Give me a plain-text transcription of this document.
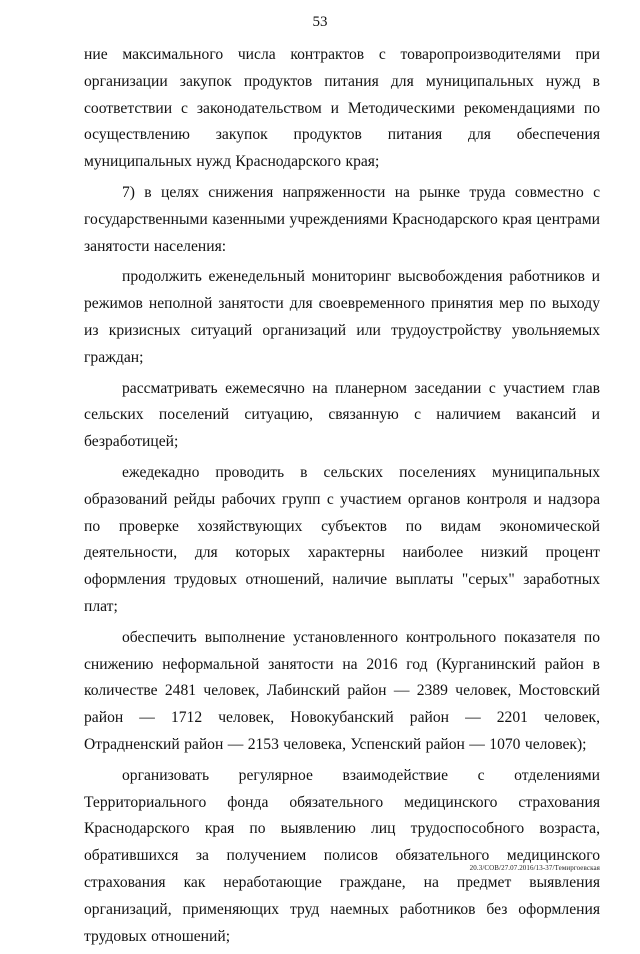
53

ние максимального числа контрактов с товаропроизводителями при организации закупок продуктов питания для муниципальных нужд в соответствии с законодательством и Методическими рекомендациями по осуществлению закупок продуктов питания для обеспечения муниципальных нужд Краснодарского края;

7) в целях снижения напряженности на рынке труда совместно с государственными казенными учреждениями Краснодарского края центрами занятости населения:

продолжить еженедельный мониторинг высвобождения работников и режимов неполной занятости для своевременного принятия мер по выходу из кризисных ситуаций организаций или трудоустройству увольняемых граждан;

рассматривать ежемесячно на планерном заседании с участием глав сельских поселений ситуацию, связанную с наличием вакансий и безработицей;

ежедекадно проводить в сельских поселениях муниципальных образований рейды рабочих групп с участием органов контроля и надзора по проверке хозяйствующих субъектов по видам экономической деятельности, для которых характерны наиболее низкий процент оформления трудовых отношений, наличие выплаты "серых" заработных плат;

обеспечить выполнение установленного контрольного показателя по снижению неформальной занятости на 2016 год (Курганинский район в количестве 2481 человек, Лабинский район — 2389 человек, Мостовский район — 1712 человек, Новокубанский район — 2201 человек, Отрадненский район — 2153 человека, Успенский район — 1070 человек);

организовать регулярное взаимодействие с отделениями Территориального фонда обязательного медицинского страхования Краснодарского края по выявлению лиц трудоспособного возраста, обратившихся за получением полисов обязательного медицинского страхования как неработающие граждане, на предмет выявления организаций, применяющих труд наемных работников без оформления трудовых отношений;

20.3/СОВ/27.07.2016/13-37/Темиргоевская
